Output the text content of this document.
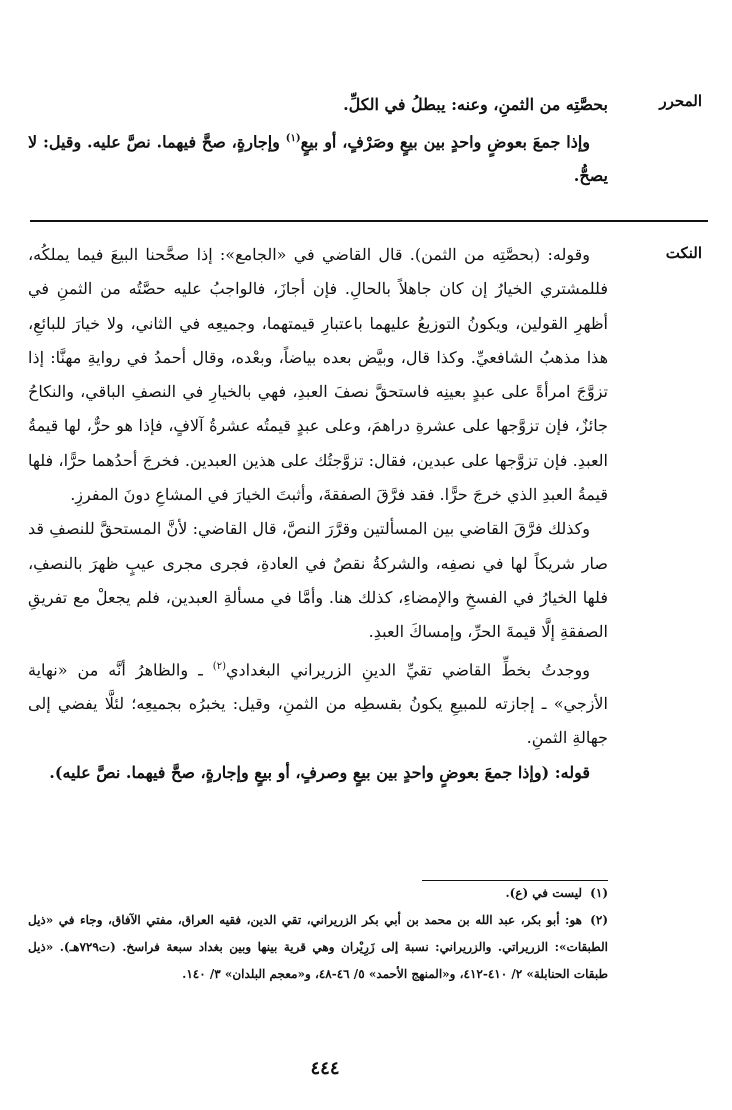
المحرر

بحصَّتِه من الثمنِ، وعنه: يبطلُ في الكلِّ.

وإذا جمعَ بعوضٍ واحدٍ بين بيعٍ وصَرْفٍ، أو بيعٍ$^{(١)}$ وإجارةٍ، صحَّ فيهما. نصَّ عليه. وقيل: لا يصحُّ.

النكت

وقوله: (بحصَّتِه من الثمن). قال القاضي في «الجامع»: إذا صحَّحنا البيعَ فيما يملكُه، فللمشتري الخيارُ إن كان جاهلاً بالحالِ. فإن أجازَ، فالواجبُ عليه حصَّتُه من الثمنِ في أظهرِ القولين، ويكونُ التوزيعُ عليهما باعتبارِ قيمتهما، وجميعِه في الثاني، ولا خيارَ للبائعِ، هذا مذهبُ الشافعيِّ. وكذا قال، وبيَّض بعده بياضاً، وبعْده، وقال أحمدُ في روايةِ مهنَّا: إذا تزوَّجَ امرأةً على عبدٍ بعينِه فاستحقَّ نصفَ العبدِ، فهي بالخيارِ في النصفِ الباقي، والنكاحُ جائزٌ، فإن تزوَّجها على عشرةِ دراهمَ، وعلى عبدٍ قيمتُه عشرةُ آلافٍ، فإذا هو حرٌّ، لها قيمةُ العبدِ. فإن تزوَّجها على عبدين، فقال: تزوَّجتُك على هذين العبدين. فخرجَ أحدُهما حرًّا، فلها قيمةُ العبدِ الذي خرجَ حرًّا. فقد فرَّقَ الصفقةَ، وأثبتَ الخيارَ في المشاعِ دونَ المفرزِ.

وكذلك فرَّقَ القاضي بين المسألتين وقرَّرَ النصَّ، قال القاضي: لأنَّ المستحقَّ للنصفِ قد صار شريكاً لها في نصفِه، والشركةُ نقصٌ في العادةِ، فجرى مجرى عيبٍ ظهرَ بالنصفِ، فلها الخيارُ في الفسخِ والإمضاءِ، كذلك هنا. وأمَّا في مسألةِ العبدين، فلم يجعلْ مع تفريقِ الصفقةِ إلَّا قيمةَ الحرِّ، وإمساكَ العبدِ.

ووجدتُ بخطِّ القاضي تقيِّ الدينِ الزريراني البغدادي$^{(٢)}$ ـ والظاهرُ أنَّه من «نهاية الأزجي» ـ إجازته للمبيعِ يكونُ بقسطِه من الثمنِ، وقيل: يخبرُه بجميعِه؛ لئلَّا يفضي إلى جهالةِ الثمنِ.

قوله: (وإذا جمعَ بعوضٍ واحدٍ بين بيعٍ وصرفٍ، أو بيعٍ وإجارةٍ، صحَّ فيهما. نصَّ عليه).

(١)ليست في (ع).
(٢)هو: أبو بكر، عبد الله بن محمد بن أبي بكر الزريراني، تقي الدين، فقيه العراق، مفتي الآفاق، وجاء في «ذيل الطبقات»: الزريراتي. والزريراني: نسبة إلى زَرِيْران وهي قرية بينها وبين بغداد سبعة فراسخ. (ت٧٢٩هـ). «ذيل طبقات الحنابلة» ٢/ ٤١٠-٤١٢، و«المنهج الأحمد» ٥/ ٤٦-٤٨، و«معجم البلدان» ٣/ ١٤٠.
٤٤٤
